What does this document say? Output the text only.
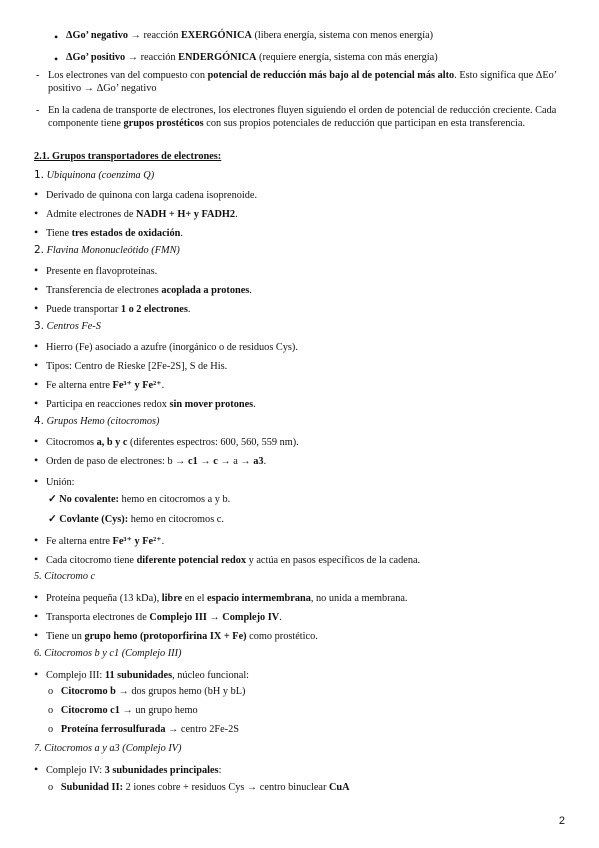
• ΔGo’ negativo → reacción EXERGÓNICA (libera energía, sistema con menos energía)
• ΔGo’ positivo → reacción ENDERGÓNICA (requiere energía, sistema con más energía)
- Los electrones van del compuesto con potencial de reducción más bajo al de potencial más alto. Esto significa que ΔEo’ positivo → ΔGo’ negativo
- En la cadena de transporte de electrones, los electrones fluyen siguiendo el orden de potencial de reducción creciente. Cada componente tiene grupos prostéticos con sus propios potenciales de reducción que participan en esta transferencia.
2.1. Grupos transportadores de electrones:
1. Ubiquinona (coenzima Q)
• Derivado de quinona con larga cadena isoprenoide.
• Admite electrones de NADH + H+ y FADH2.
• Tiene tres estados de oxidación.
2. Flavina Mononucleótido (FMN)
• Presente en flavoproteínas.
• Transferencia de electrones acoplada a protones.
• Puede transportar 1 o 2 electrones.
3. Centros Fe-S
• Hierro (Fe) asociado a azufre (inorgánico o de residuos Cys).
• Tipos: Centro de Rieske [2Fe-2S], S de His.
• Fe alterna entre Fe³⁺ y Fe²⁺.
• Participa en reacciones redox sin mover protones.
4. Grupos Hemo (citocromos)
• Citocromos a, b y c (diferentes espectros: 600, 560, 559 nm).
• Orden de paso de electrones: b → c1 → c → a → a3.
• Unión:
✓ No covalente: hemo en citocromos a y b.
✓ Covlante (Cys): hemo en citocromos c.
• Fe alterna entre Fe³⁺ y Fe²⁺.
• Cada citocromo tiene diferente potencial redox y actúa en pasos específicos de la cadena.
5. Citocromo c
• Proteína pequeña (13 kDa), libre en el espacio intermembrana, no unida a membrana.
• Transporta electrones de Complejo III → Complejo IV.
• Tiene un grupo hemo (protoporfirina IX + Fe) como prostético.
6. Citocromos b y c1 (Complejo III)
• Complejo III: 11 subunidades, núcleo funcional:
o Citocromo b → dos grupos hemo (bH y bL)
o Citocromo c1 → un grupo hemo
o Proteína ferrosulfurada → centro 2Fe-2S
7. Citocromos a y a3 (Complejo IV)
• Complejo IV: 3 subunidades principales:
o Subunidad II: 2 iones cobre + residuos Cys → centro binuclear CuA
2
